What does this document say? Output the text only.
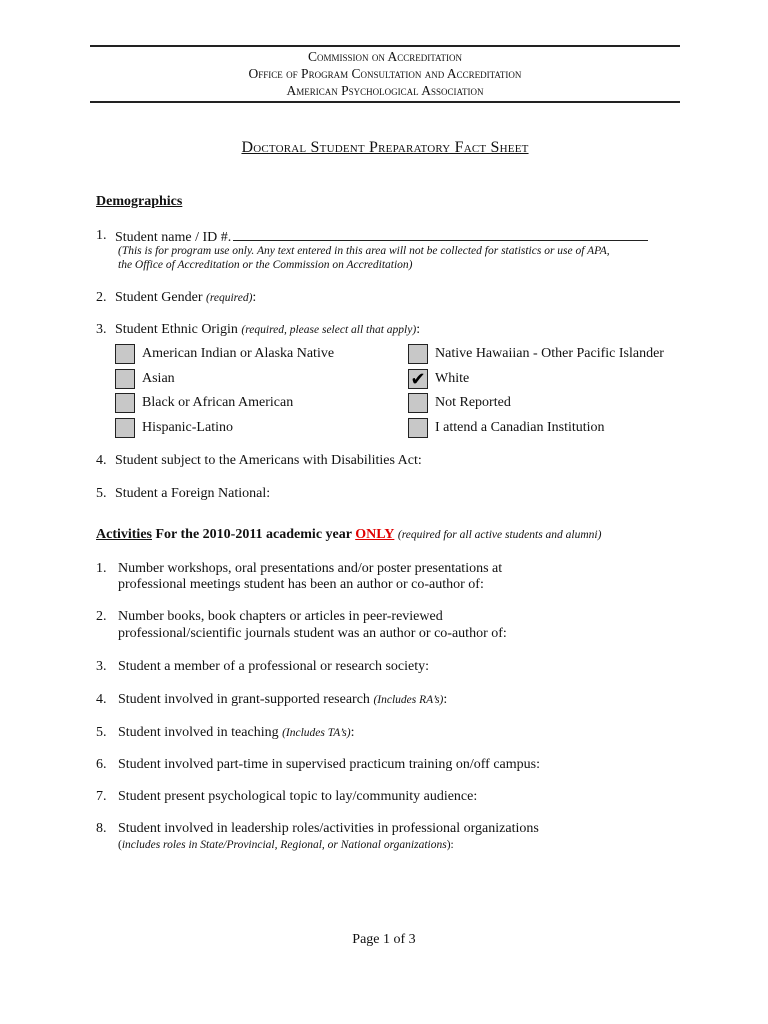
Commission on Accreditation
Office of Program Consultation and Accreditation
American Psychological Association
Doctoral Student Preparatory Fact Sheet
Demographics
1. Student name / ID #.
(This is for program use only. Any text entered in this area will not be collected for statistics or use of APA,
the Office of Accreditation or the Commission on Accreditation)
2. Student Gender (required):
3. Student Ethnic Origin (required, please select all that apply):
American Indian or Alaska Native
Asian
Black or African American
Hispanic-Latino
Native Hawaiian - Other Pacific Islander
✔ White
Not Reported
I attend a Canadian Institution
4. Student subject to the Americans with Disabilities Act:
5. Student a Foreign National:
Activities For the 2010-2011 academic year ONLY (required for all active students and alumni)
1. Number workshops, oral presentations and/or poster presentations at
professional meetings student has been an author or co-author of:
2. Number books, book chapters or articles in peer-reviewed
professional/scientific journals student was an author or co-author of:
3. Student a member of a professional or research society:
4. Student involved in grant-supported research (Includes RA’s):
5. Student involved in teaching (Includes TA’s):
6. Student involved part-time in supervised practicum training on/off campus:
7. Student present psychological topic to lay/community audience:
8. Student involved in leadership roles/activities in professional organizations
(includes roles in State/Provincial, Regional, or National organizations):
Page 1 of 3
